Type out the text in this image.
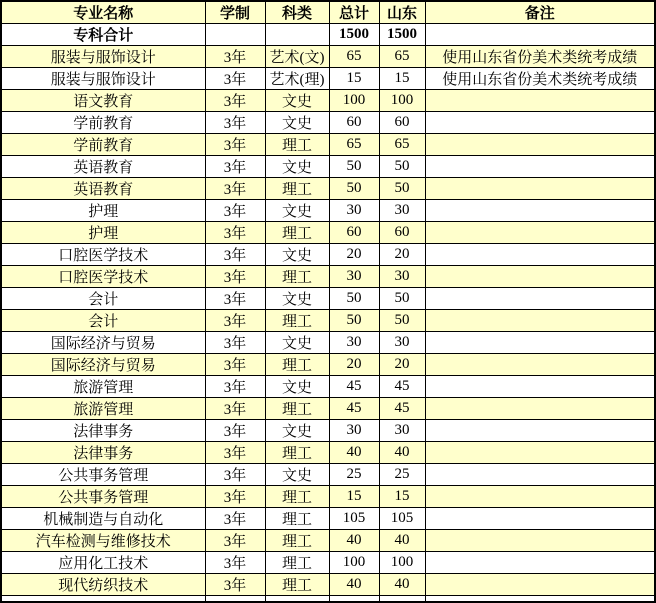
专业名称	学制	科类	总计	山东	备注
专科合计			1500	1500	
服装与服饰设计	3年	艺术(文)	65	65	使用山东省份美术类统考成绩
服装与服饰设计	3年	艺术(理)	15	15	使用山东省份美术类统考成绩
语文教育	3年	文史	100	100	
学前教育	3年	文史	60	60	
学前教育	3年	理工	65	65	
英语教育	3年	文史	50	50	
英语教育	3年	理工	50	50	
护理	3年	文史	30	30	
护理	3年	理工	60	60	
口腔医学技术	3年	文史	20	20	
口腔医学技术	3年	理工	30	30	
会计	3年	文史	50	50	
会计	3年	理工	50	50	
国际经济与贸易	3年	文史	30	30	
国际经济与贸易	3年	理工	20	20	
旅游管理	3年	文史	45	45	
旅游管理	3年	理工	45	45	
法律事务	3年	文史	30	30	
法律事务	3年	理工	40	40	
公共事务管理	3年	文史	25	25	
公共事务管理	3年	理工	15	15	
机械制造与自动化	3年	理工	105	105	
汽车检测与维修技术	3年	理工	40	40	
应用化工技术	3年	理工	100	100	
现代纺织技术	3年	理工	40	40	
